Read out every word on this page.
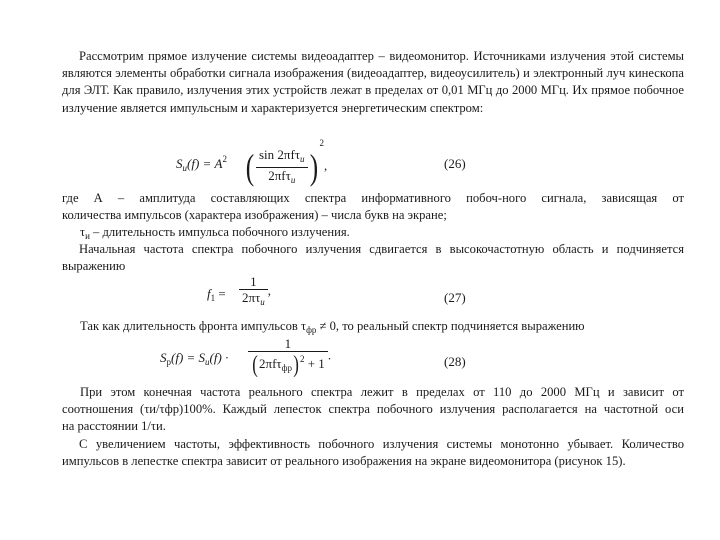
Рассмотрим прямое излучение системы видеоадаптер – видеомонитор. Источниками излучения этой системы являются элементы обработки сигнала изображения (видеоадаптер, видеоусилитель) и электронный луч кинескопа для ЭЛТ. Как правило, излучения этих устройств лежат в пределах от 0,01 МГц до 2000 МГц. Их прямое побочное излучение является импульсным и характеризуется энергетическим спектром:

$S_и(f) = A^2$ ( $\frac{\sin 2\pi f\tau_и}{2\pi f\tau_и} )^2$,	(26)
где А – амплитуда составляющих спектра информативного побоч-ного сигнала, зависящая от
количества импульсов (характера изображения) – числа букв на экране;
$\tau_и$ – длительность импульса побочного излучения.

Начальная частота спектра побочного излучения сдвигается в высокочастотную область и подчиняется выражению

$f_1 = \frac{1}{2\pi\tau_и}$ ,	(27)
Так как длительность фронта импульсов $\tau_{фр} \ne 0$, то реальный спектр подчиняется выражению
$S_р(f) = S_и(f) \cdot \frac{1}{(2\pi f\tau_{фр})^2 + 1}$ .	(28)
При этом конечная частота реального спектра лежит в пределах от 110 до 2000 МГц и зависит от
соотношения (τи/τфр)100%. Каждый лепесток спектра побочного излучения располагается на частотной оси
на расстоянии 1/τи.

С увеличением частоты, эффективность побочного излучения системы монотонно убывает. Количество импульсов в лепестке спектра зависит от реального изображения на экране видеомонитора (рисунок 15).
